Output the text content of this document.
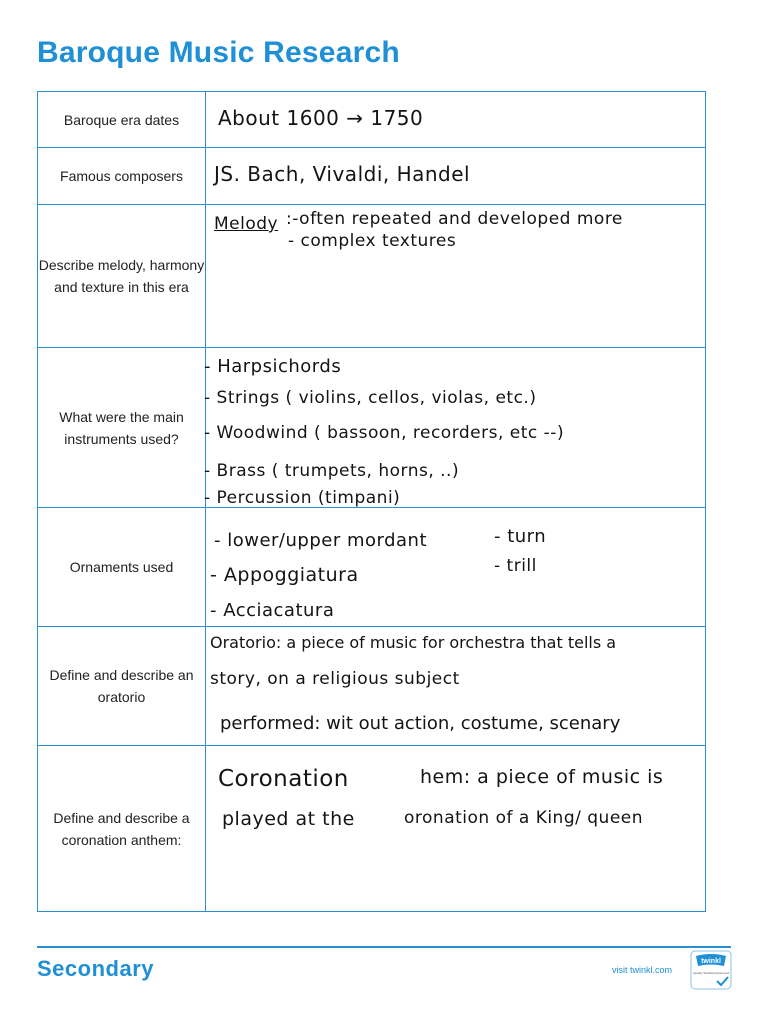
Baroque Music Research
Baroque era dates	About 1600 → 1750

Famous composers	JS. Bach, Vivaldi, Handel

Describe melody, harmony and texture in this era	Melody :-often repeated and developed more
- complex textures

What were the main instruments used?	- Harpsichords
- Strings ( violins, cellos, violas, etc.)
- Woodwind ( bassoon, recorders, etc --)
- Brass ( trumpets, horns, ..)
- Percussion (timpani)

Ornaments used	- lower/upper mordant - turn
- Appoggiatura - trill
- Acciacatura

Define and describe an oratorio	Oratorio: a piece of music for orchestra that tells a
story, on a religious subject
performed: wit out action, costume, scenary

Define and describe a coronation anthem:	Coronation hem: a piece of music is
played at the oronation of a King/ queen
Secondary	visit twinkl.com
twinkl
Quality Standard Approved
